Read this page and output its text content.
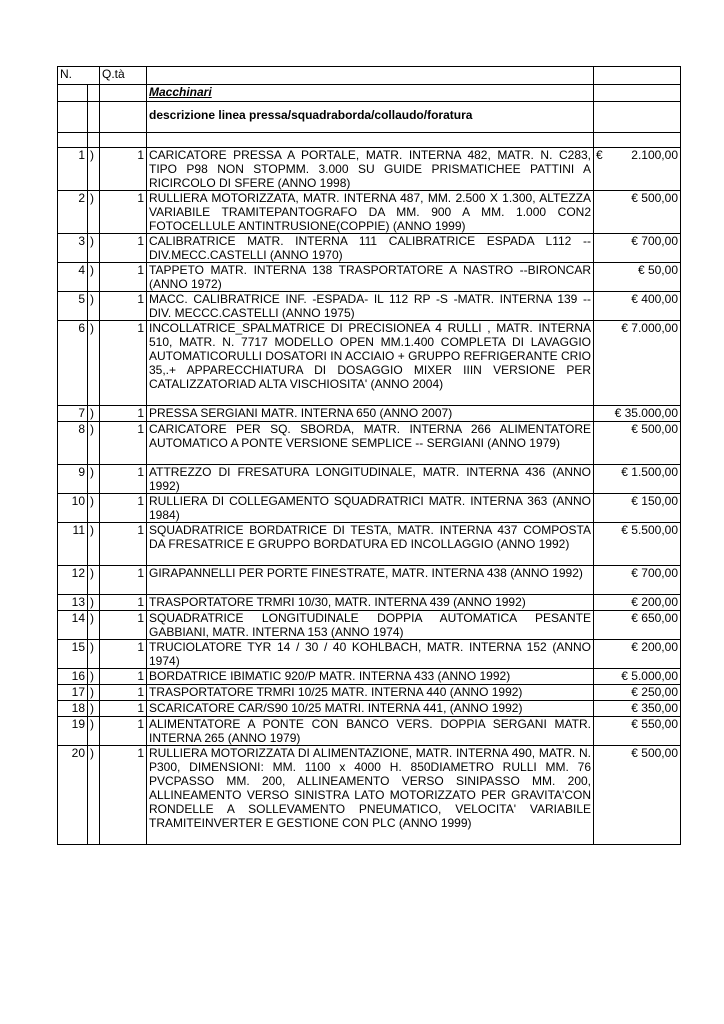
N.		Q.tà		
			Macchinari	
			descrizione linea pressa/squadraborda/collaudo/foratura	

1	)	1	CARICATORE PRESSA A PORTALE, MATR. INTERNA 482, MATR. N. C283, TIPO P98 NON STOPMM. 3.000 SU GUIDE PRISMATICHEE PATTINI A RICIRCOLO DI SFERE (ANNO 1998)	€ 2.100,00
2	)	1	RULLIERA MOTORIZZATA, MATR. INTERNA 487, MM. 2.500 X 1.300, ALTEZZA VARIABILE TRAMITEPANTOGRAFO DA MM. 900 A MM. 1.000 CON2 FOTOCELLULE ANTINTRUSIONE(COPPIE) (ANNO 1999)	€ 500,00
3	)	1	CALIBRATRICE MATR. INTERNA 111 CALIBRATRICE ESPADA L112 -- DIV.MECC.CASTELLI (ANNO 1970)	€ 700,00
4	)	1	TAPPETO MATR. INTERNA 138 TRASPORTATORE A NASTRO --BIRONCAR (ANNO 1972)	€ 50,00
5	)	1	MACC. CALIBRATRICE INF. -ESPADA- IL 112 RP -S -MATR. INTERNA 139 -- DIV. MECCC.CASTELLI (ANNO 1975)	€ 400,00
6	)	1	INCOLLATRICE_SPALMATRICE DI PRECISIONEA 4 RULLI , MATR. INTERNA 510, MATR. N. 7717 MODELLO OPEN MM.1.400 COMPLETA DI LAVAGGIO AUTOMATICORULLI DOSATORI IN ACCIAIO + GRUPPO REFRIGERANTE CRIO 35,.+ APPARECCHIATURA DI DOSAGGIO MIXER IIIN VERSIONE PER CATALIZZATORIAD ALTA VISCHIOSITA' (ANNO 2004)	€ 7.000,00
7	)	1	PRESSA SERGIANI MATR. INTERNA 650 (ANNO 2007)	€ 35.000,00
8	)	1	CARICATORE PER SQ. SBORDA, MATR. INTERNA 266 ALIMENTATORE AUTOMATICO A PONTE VERSIONE SEMPLICE -- SERGIANI (ANNO 1979)	€ 500,00
9	)	1	ATTREZZO DI FRESATURA LONGITUDINALE, MATR. INTERNA 436 (ANNO 1992)	€ 1.500,00
10	)	1	RULLIERA DI COLLEGAMENTO SQUADRATRICI MATR. INTERNA 363 (ANNO 1984)	€ 150,00
11	)	1	SQUADRATRICE BORDATRICE DI TESTA, MATR. INTERNA 437 COMPOSTA DA FRESATRICE E GRUPPO BORDATURA ED INCOLLAGGIO (ANNO 1992)	€ 5.500,00
12	)	1	GIRAPANNELLI PER PORTE FINESTRATE, MATR. INTERNA 438 (ANNO 1992)	€ 700,00
13	)	1	TRASPORTATORE TRMRI 10/30, MATR. INTERNA 439 (ANNO 1992)	€ 200,00
14	)	1	SQUADRATRICE LONGITUDINALE DOPPIA AUTOMATICA PESANTE GABBIANI, MATR. INTERNA 153 (ANNO 1974)	€ 650,00
15	)	1	TRUCIOLATORE TYR 14 / 30 / 40 KOHLBACH, MATR. INTERNA 152 (ANNO 1974)	€ 200,00
16	)	1	BORDATRICE IBIMATIC 920/P MATR. INTERNA 433 (ANNO 1992)	€ 5.000,00
17	)	1	TRASPORTATORE TRMRI 10/25 MATR. INTERNA 440 (ANNO 1992)	€ 250,00
18	)	1	SCARICATORE CAR/S90 10/25 MATRI. INTERNA 441, (ANNO 1992)	€ 350,00
19	)	1	ALIMENTATORE A PONTE CON BANCO VERS. DOPPIA SERGANI MATR. INTERNA 265 (ANNO 1979)	€ 550,00
20	)	1	RULLIERA MOTORIZZATA DI ALIMENTAZIONE, MATR. INTERNA 490, MATR. N. P300, DIMENSIONI: MM. 1100 x 4000 H. 850DIAMETRO RULLI MM. 76 PVCPASSO MM. 200, ALLINEAMENTO VERSO SINIPASSO MM. 200, ALLINEAMENTO VERSO SINISTRA LATO MOTORIZZATO PER GRAVITA'CON RONDELLE A SOLLEVAMENTO PNEUMATICO, VELOCITA' VARIABILE TRAMITEINVERTER E GESTIONE CON PLC (ANNO 1999)	€ 500,00
